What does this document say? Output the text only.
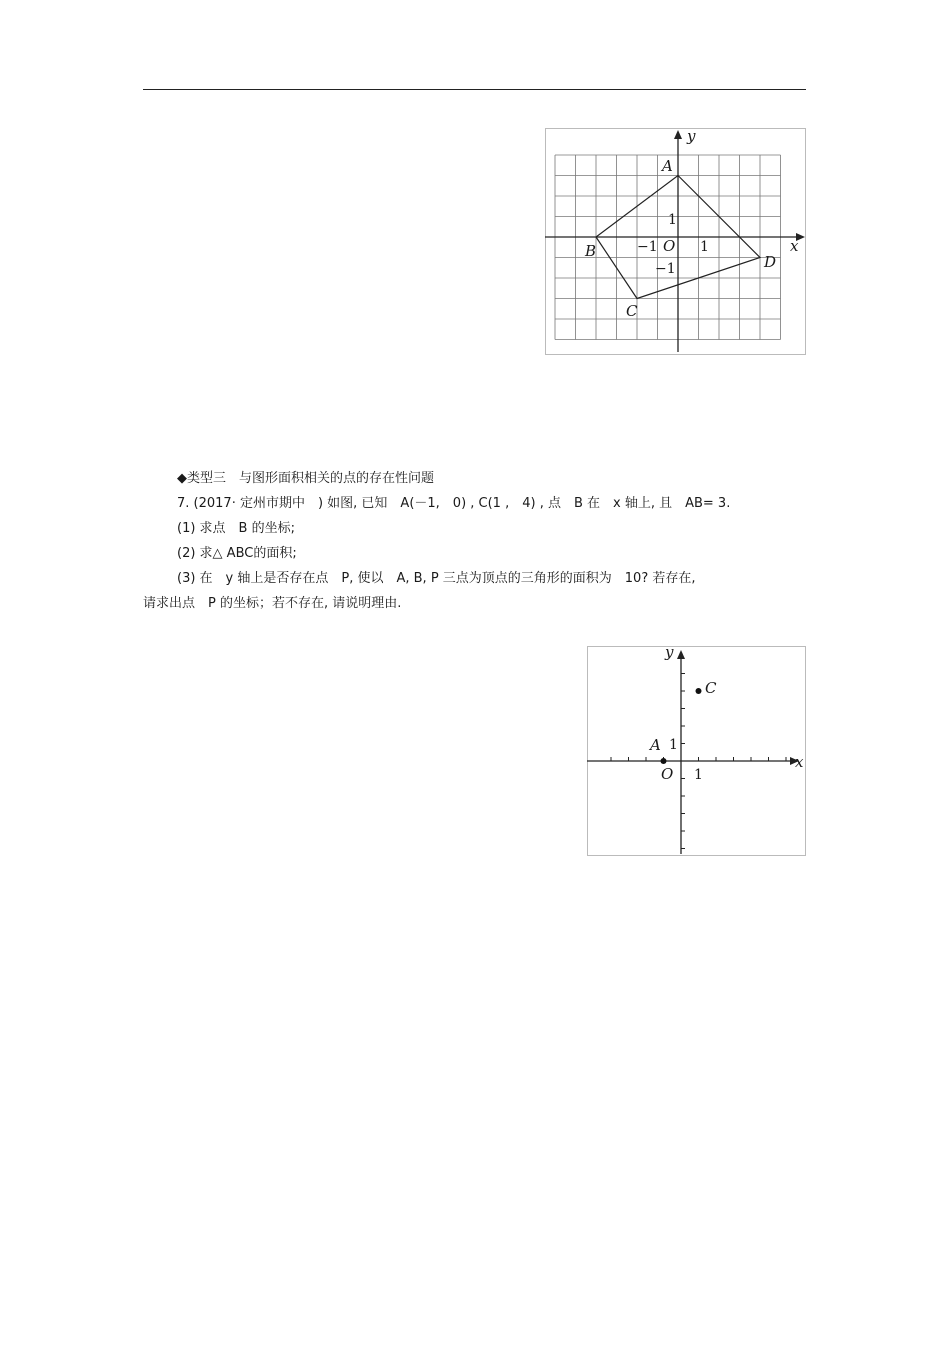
x
y
O 1
−1
1
−1
A
B
C
D
◆类型三　与图形面积相关的点的存在性问题
7. (2017· 定州市期中　) 如图, 已知　A(－1,　0) , C(1 ,　4) , 点　B 在　x 轴上, 且　AB= 3.
(1) 求点　B 的坐标;
(2) 求△ ABC的面积;
(3) 在　y 轴上是否存在点　P, 使以　A, B, P 三点为顶点的三角形的面积为　10? 若存在,
请求出点　P 的坐标；若不存在, 请说明理由.
x
y
O 1
1
A
C
